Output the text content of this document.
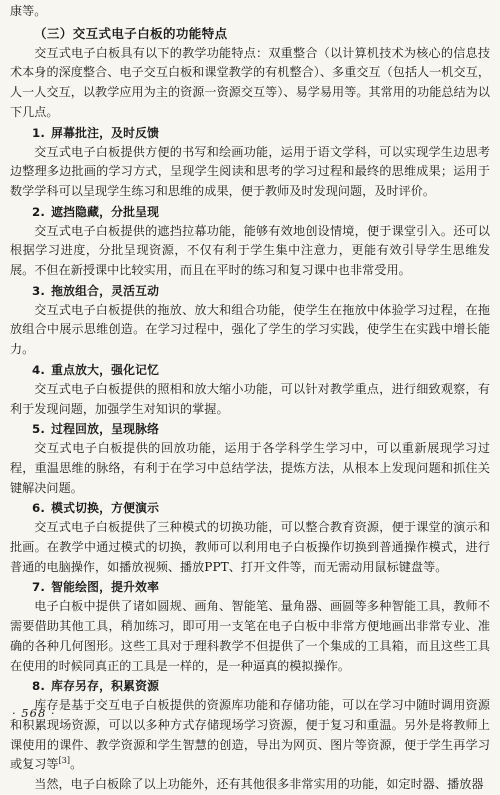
康等。

（三）交互式电子白板的功能特点

交互式电子白板具有以下的教学功能特点：双重整合（以计算机技术为核心的信息技术本身的深度整合、电子交互白板和课堂教学的有机整合）、多重交互（包括人一机交互，人一人交互，以教学应用为主的资源一资源交互等）、易学易用等。其常用的功能总结为以下几点。

1. 屏幕批注，及时反馈

交互式电子白板提供方便的书写和绘画功能，运用于语文学科，可以实现学生边思考边整理多边批画的学习方式，呈现学生阅读和思考的学习过程和最终的思维成果；运用于数学学科可以呈现学生练习和思维的成果，便于教师及时发现问题，及时评价。

2. 遮挡隐藏，分批呈现

交互式电子白板提供的遮挡拉幕功能，能够有效地创设情境，便于课堂引入。还可以根据学习进度，分批呈现资源，不仅有利于学生集中注意力，更能有效引导学生思维发展。不但在新授课中比较实用，而且在平时的练习和复习课中也非常受用。

3. 拖放组合，灵活互动

交互式电子白板提供的拖放、放大和组合功能，使学生在拖放中体验学习过程，在拖放组合中展示思维创造。在学习过程中，强化了学生的学习实践，使学生在实践中增长能力。

4. 重点放大，强化记忆

交互式电子白板提供的照相和放大缩小功能，可以针对教学重点，进行细致观察，有利于发现问题，加强学生对知识的掌握。

5. 过程回放，呈现脉络

交互式电子白板提供的回放功能，运用于各学科学生学习中，可以重新展现学习过程，重温思维的脉络，有利于在学习中总结学法，提炼方法，从根本上发现问题和抓住关键解决问题。

6. 模式切换，方便演示

交互式电子白板提供了三种模式的切换功能，可以整合教育资源，便于课堂的演示和批画。在教学中通过模式的切换，教师可以利用电子白板操作切换到普通操作模式，进行普通的电脑操作，如播放视频、播放PPT、打开文件等，而无需动用鼠标键盘等。

7. 智能绘图，提升效率

电子白板中提供了诸如圆规、画角、智能笔、量角器、画圆等多种智能工具，教师不需要借助其他工具，稍加练习，即可用一支笔在电子白板中非常方便地画出非常专业、准确的各种几何图形。这些工具对于理科教学不但提供了一个集成的工具箱，而且这些工具在使用的时候同真正的工具是一样的，是一种逼真的模拟操作。

8. 库存另存，积累资源

库存是基于交互电子白板提供的资源库功能和存储功能，可以在学习中随时调用资源和积累现场资源，可以以多种方式存储现场学习资源，便于复习和重温。另外是将教师上课使用的课件、教学资源和学生智慧的创造，导出为网页、图片等资源，便于学生再学习或复习等[3]。

当然，电子白板除了以上功能外，还有其他很多非常实用的功能，如定时器、播放器

· 568 ·
